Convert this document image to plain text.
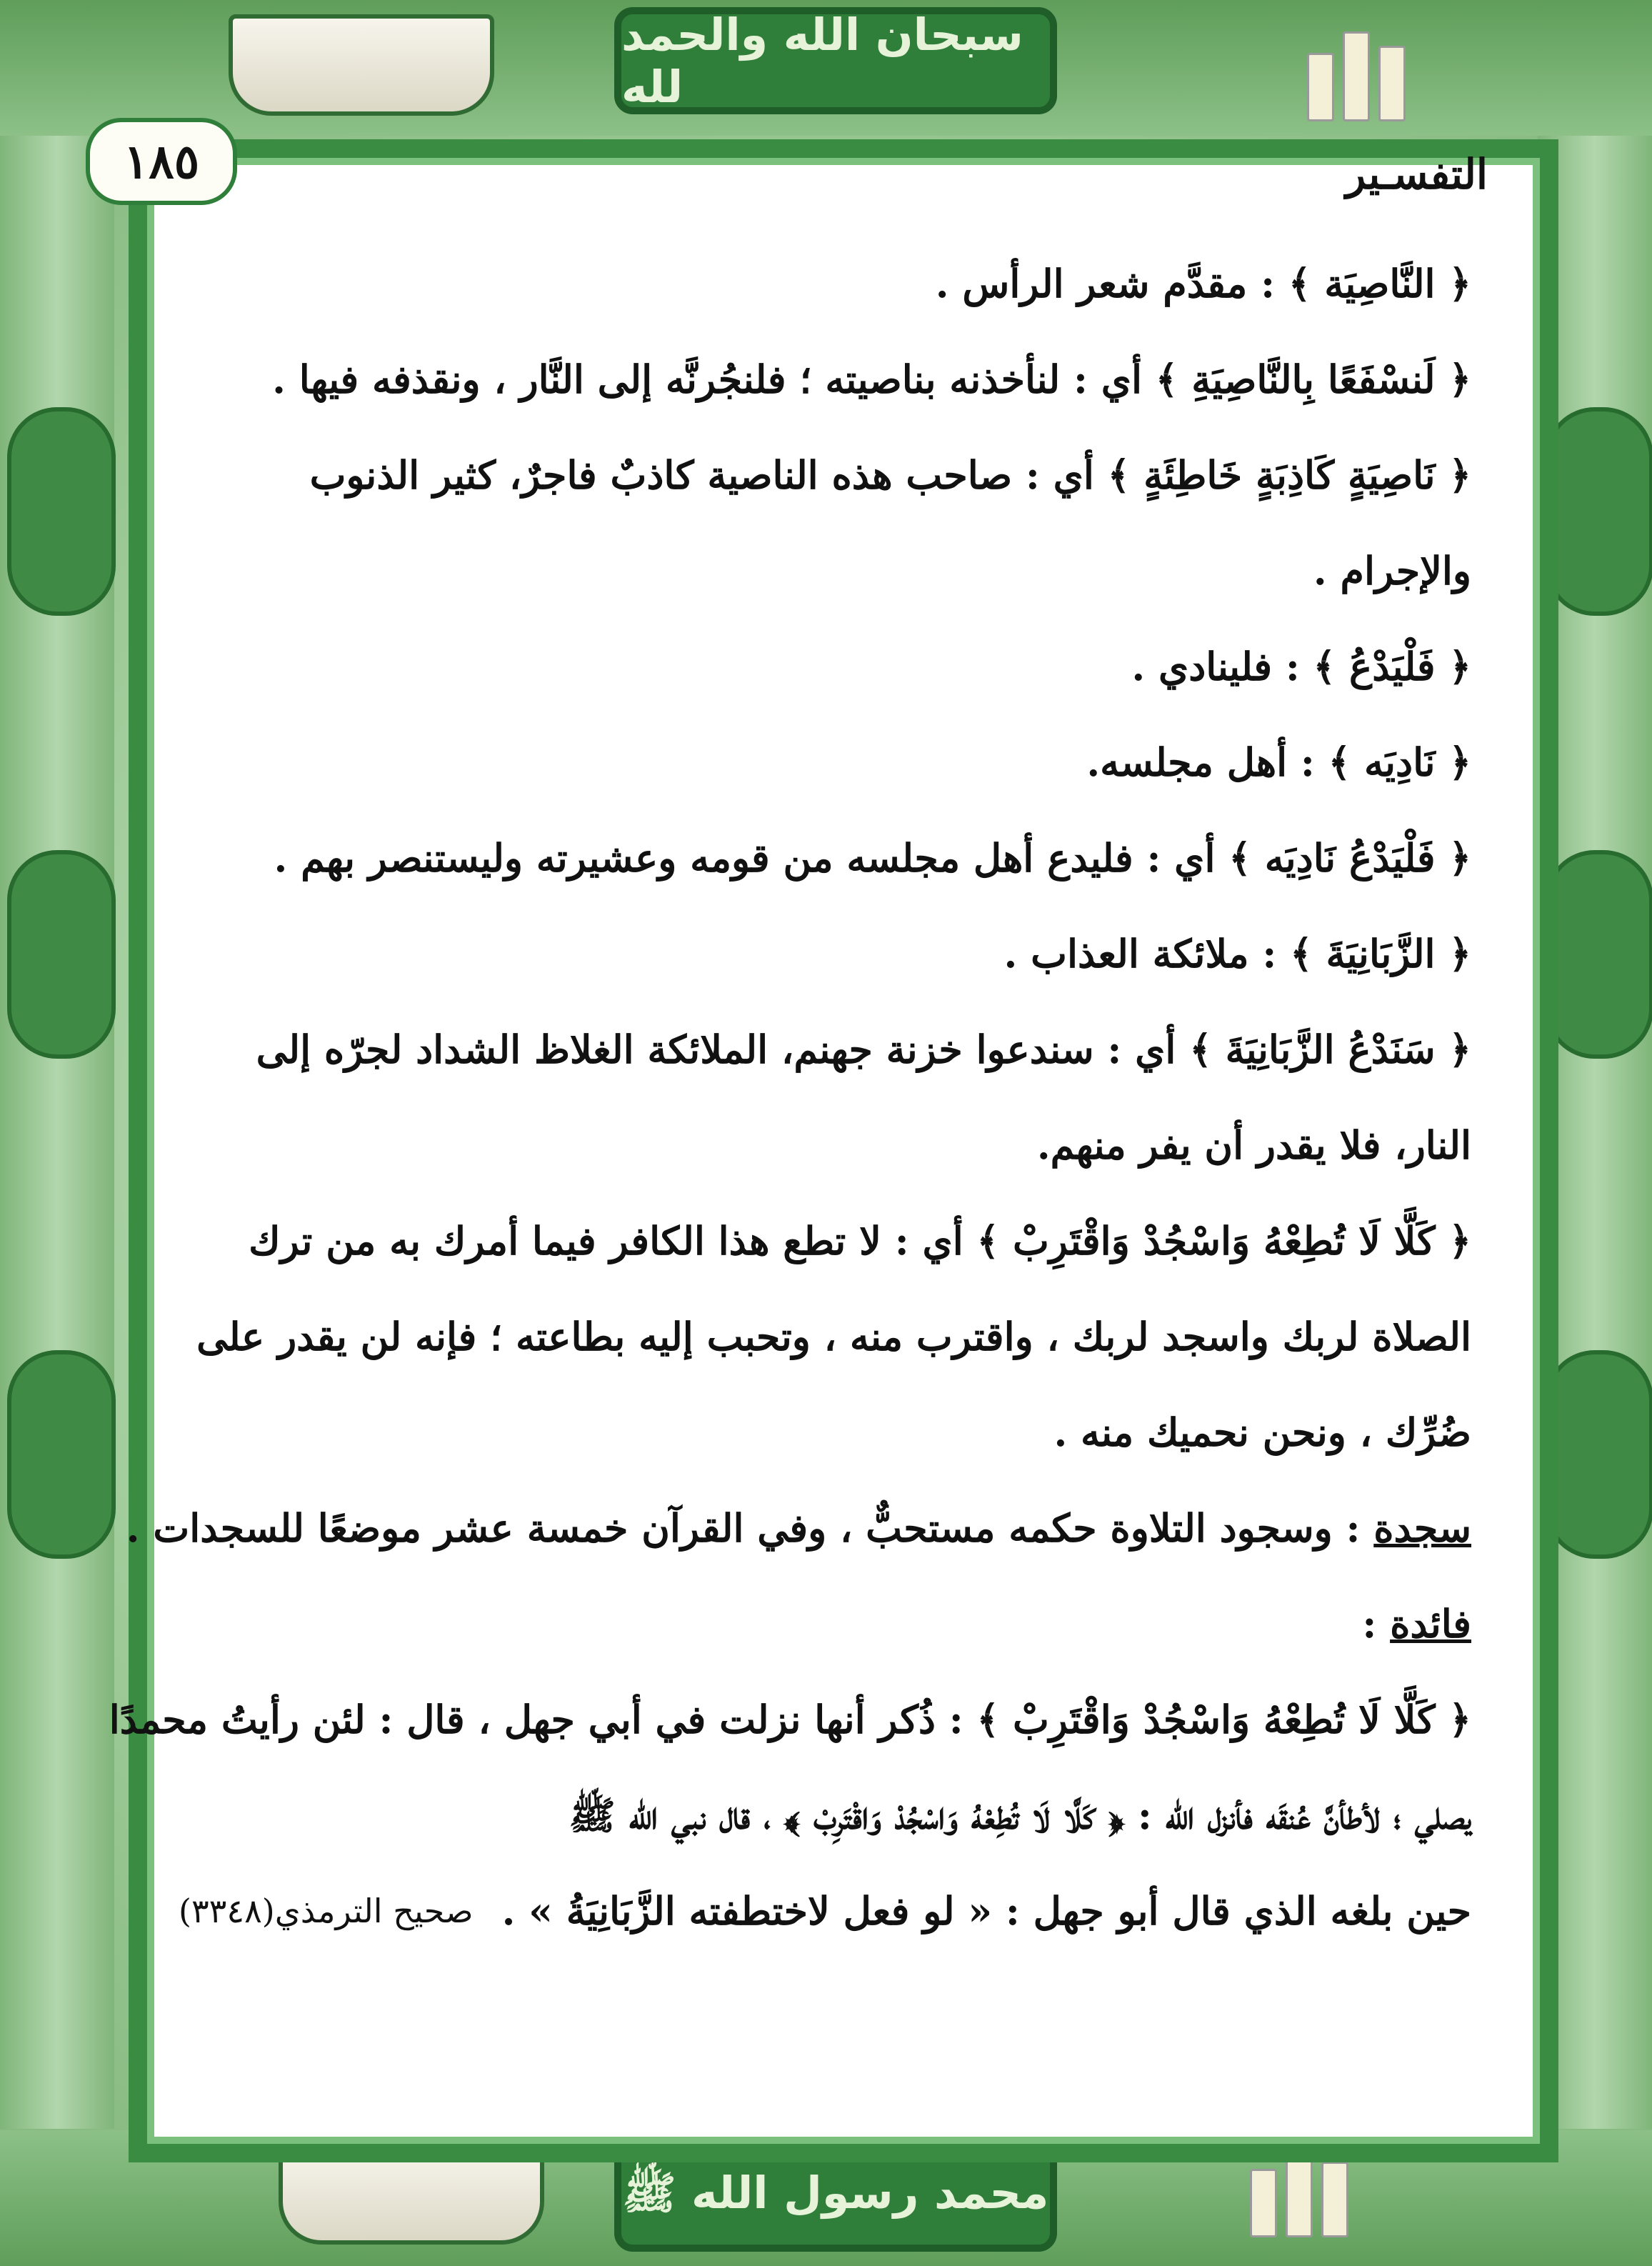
سبحان الله والحمد لله
محمد رسول الله ﷺ
١٨٥	التفسـير
﴿ النَّاصِيَة ﴾ : مقدَّم شعر الرأس .
﴿ لَنسْفَعًا بِالنَّاصِيَةِ ﴾ أي : لنأخذنه بناصيته ؛ فلنجُرنَّه إلى النَّار ، ونقذفه فيها .
﴿ نَاصِيَةٍ كَاذِبَةٍ خَاطِئَةٍ ﴾ أي : صاحب هذه الناصية كاذبٌ فاجرٌ، كثير الذنوب
والإجرام .
﴿ فَلْيَدْعُ ﴾ : فلينادي .
﴿ نَادِيَه ﴾ : أهل مجلسه.
﴿ فَلْيَدْعُ نَادِيَه ﴾ أي : فليدع أهل مجلسه من قومه وعشيرته وليستنصر بهم .
﴿ الزَّبَانِيَةَ ﴾ : ملائكة العذاب .
﴿ سَنَدْعُ الزَّبَانِيَةَ ﴾ أي : سندعوا خزنة جهنم، الملائكة الغلاظ الشداد لجرّه إلى
النار، فلا يقدر أن يفر منهم.
﴿ كَلَّا لَا تُطِعْهُ وَاسْجُدْ وَاقْتَرِبْ ﴾ أي : لا تطع هذا الكافر فيما أمرك به من ترك
الصلاة لربك واسجد لربك ، واقترب منه ، وتحبب إليه بطاعته ؛ فإنه لن يقدر على
ضُرِّك ، ونحن نحميك منه .
سجدة : وسجود التلاوة حكمه مستحبٌّ ، وفي القرآن خمسة عشر موضعًا للسجدات .
فائدة :
﴿ كَلَّا لَا تُطِعْهُ وَاسْجُدْ وَاقْتَرِبْ ﴾ : ذُكر أنها نزلت في أبي جهل ، قال : لئن رأيتُ محمدًا
يصلي ؛ لأطأنَّ عُنقَه فأنزل الله : ﴿ كَلَّا لَا تُطِعْهُ وَاسْجُدْ وَاقْتَرِبْ ﴾ ، قال نبي الله ﷺ
حين بلغه الذي قال أبو جهل : « لو فعل لاختطفته الزَّبَانِيَةُ » .
صحيح الترمذي(٣٣٤٨)
